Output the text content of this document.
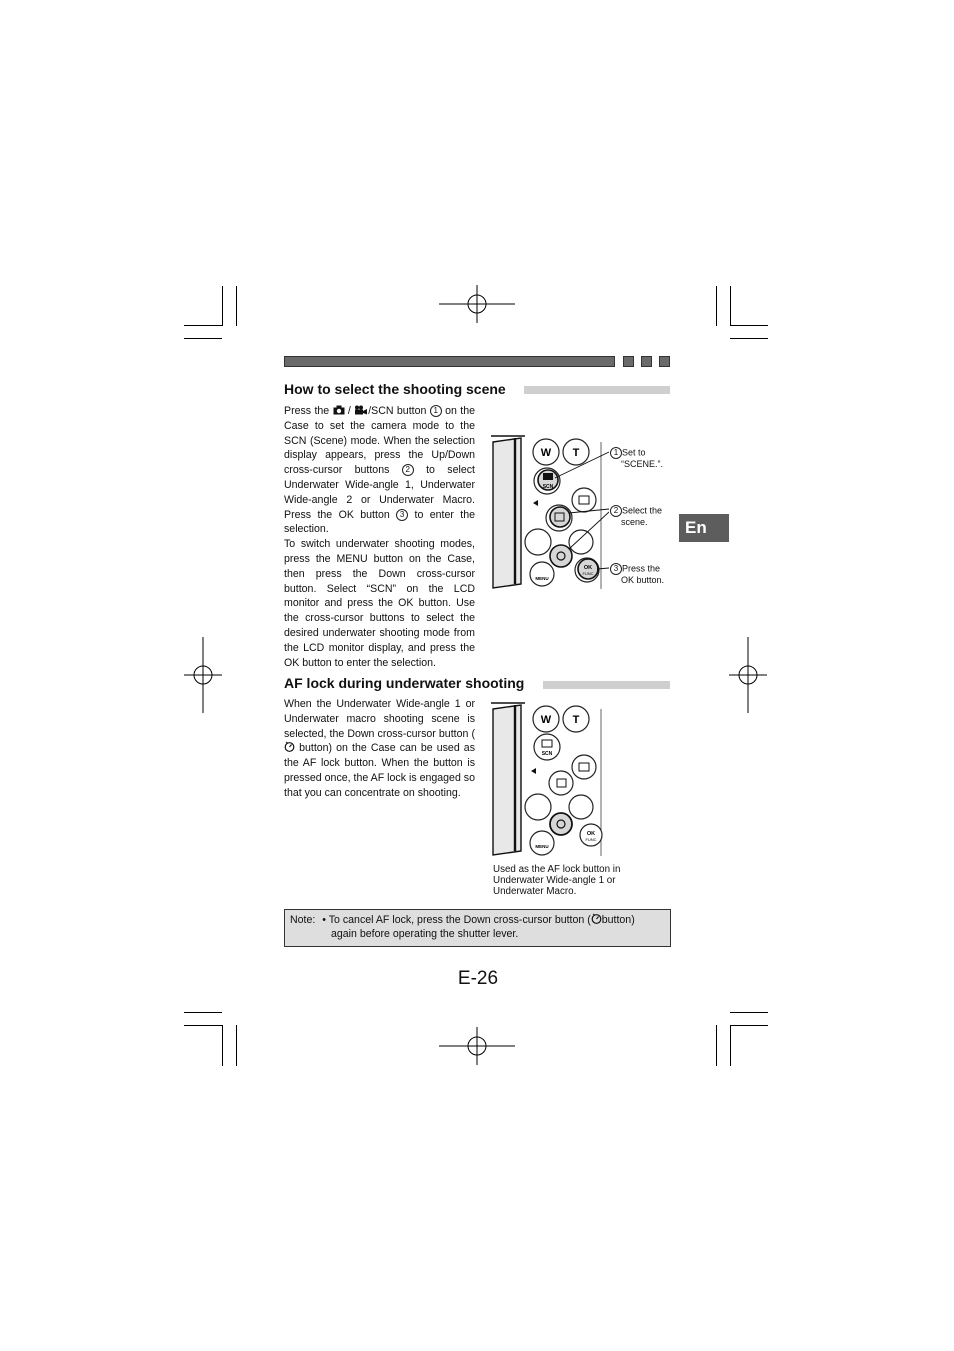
How to select the shooting scene

Press the  / /SCN button 1 on the Case to set the camera mode to the SCN (Scene) mode. When the selection display appears, press the Up/Down cross-cursor buttons 2 to select Underwater Wide-angle 1, Underwater Wide-angle 2 or Underwater Macro. Press the OK button 3 to enter the selection.

To switch underwater shooting modes, press the MENU button on the Case, then press the Down cross-cursor button. Select “SCN” on the LCD monitor and press the OK button. Use the cross-cursor buttons to select the desired underwater shooting mode from the LCD monitor display, and press the OK button to enter the selection.

W T
SCN
OK
FUNC
MENU
1 Set to
“SCENE.”.
2 Select the
scene.
3 Press the
OK button.
En
AF lock during underwater shooting

When the Underwater Wide-angle 1 or Underwater macro shooting scene is selected, the Down cross-cursor button ( button) on the Case can be used as the AF lock button. When the button is pressed once, the AF lock is engaged so that you can concentrate on shooting.

W T
SCN
OK
FUNC
MENU
Used as the AF lock button in
Underwater Wide-angle 1 or
Underwater Macro.
Note: • To cancel AF lock, press the Down cross-cursor button ( button)
again before operating the shutter lever.
E-26
